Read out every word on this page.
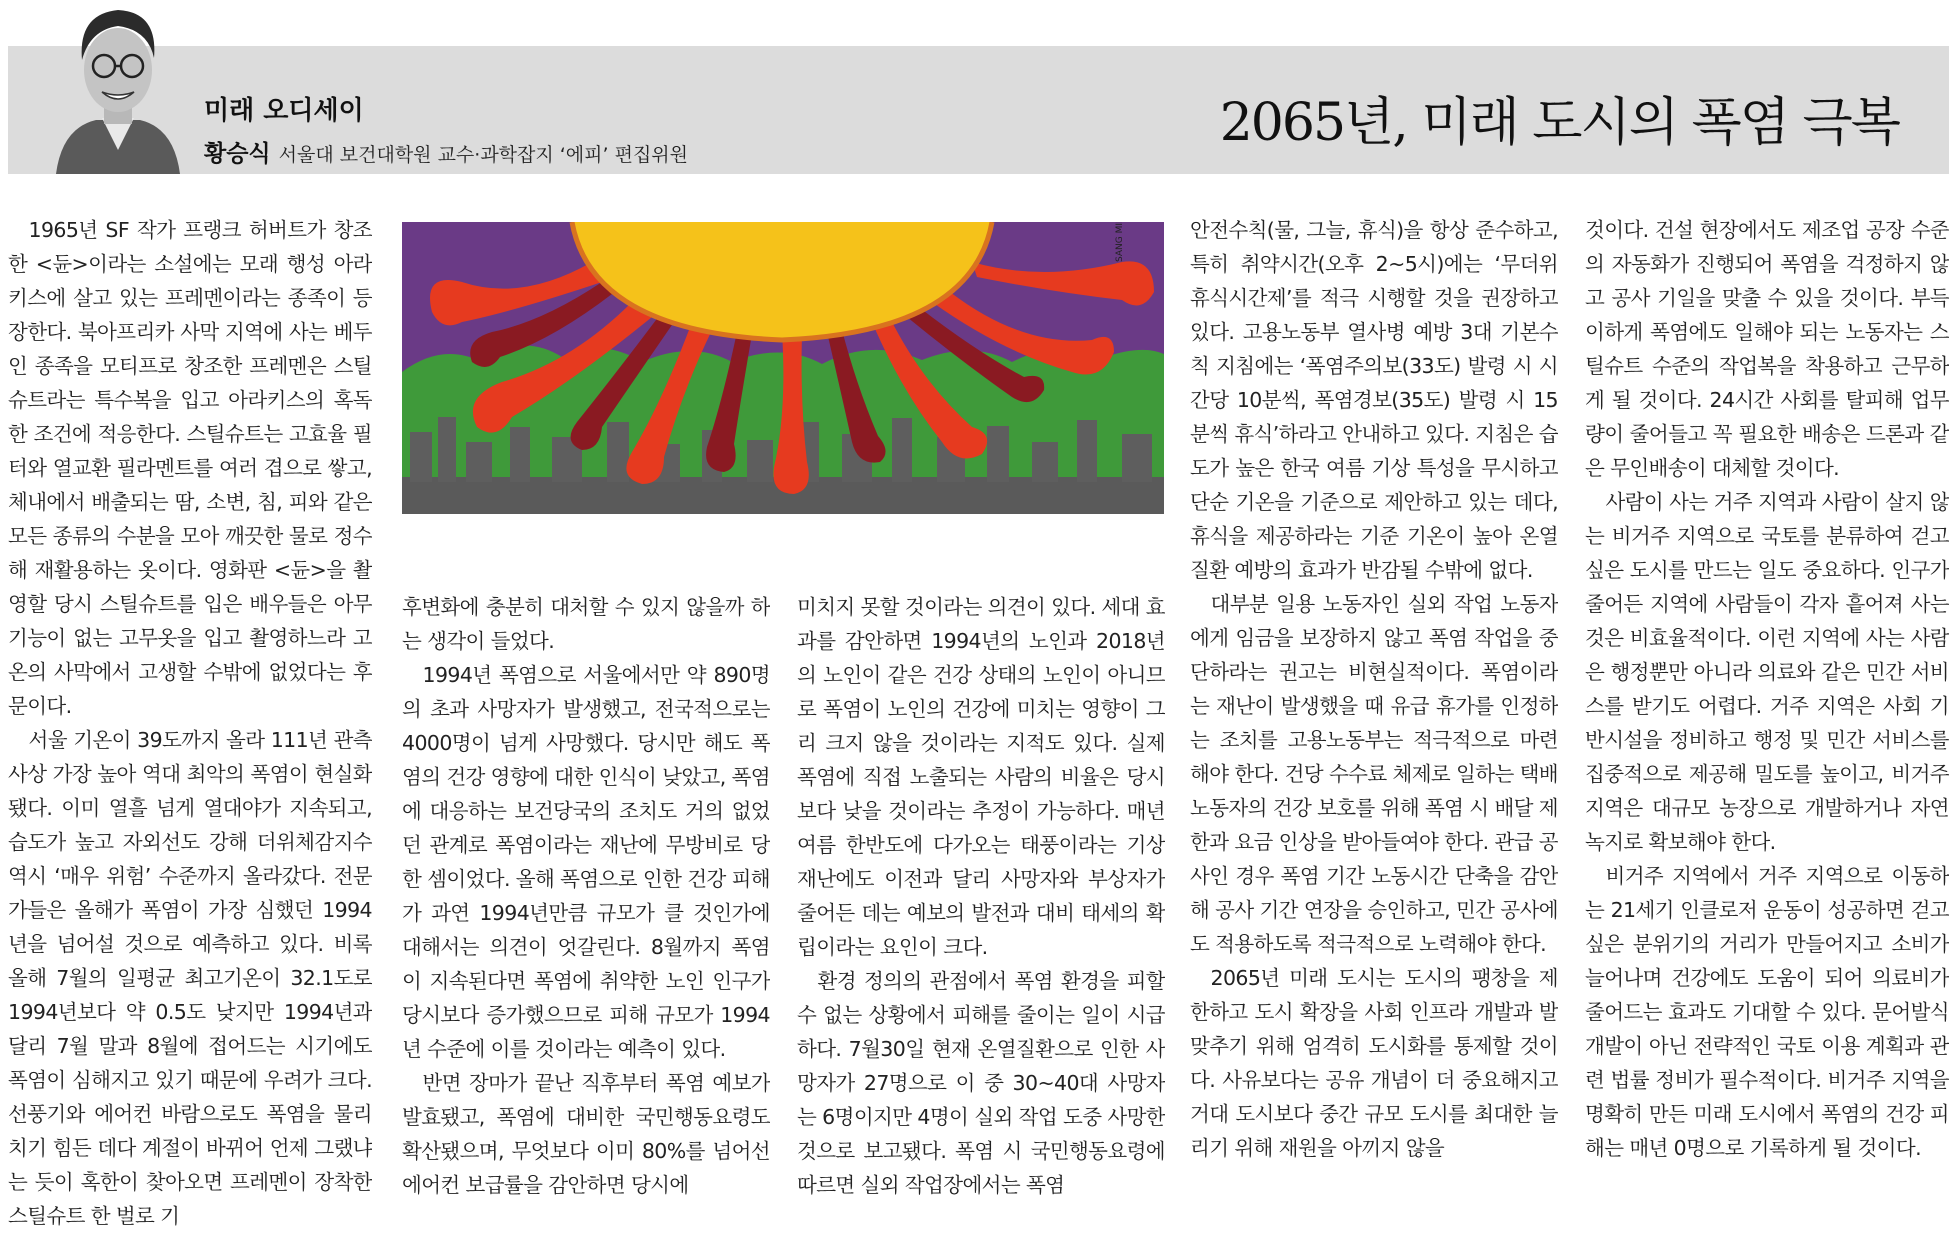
미래 오디세이
황승식 서울대 보건대학원 교수·과학잡지 ‘에피’ 편집위원
2065년, 미래 도시의 폭염 극복

1965년 SF 작가 프랭크 허버트가 창조한 <듄>이라는 소설에는 모래 행성 아라키스에 살고 있는 프레멘이라는 종족이 등장한다. 북아프리카 사막 지역에 사는 베두인 종족을 모티프로 창조한 프레멘은 스틸슈트라는 특수복을 입고 아라키스의 혹독한 조건에 적응한다. 스틸슈트는 고효율 필터와 열교환 필라멘트를 여러 겹으로 쌓고, 체내에서 배출되는 땀, 소변, 침, 피와 같은 모든 종류의 수분을 모아 깨끗한 물로 정수해 재활용하는 옷이다. 영화판 <듄>을 촬영할 당시 스틸슈트를 입은 배우들은 아무 기능이 없는 고무옷을 입고 촬영하느라 고온의 사막에서 고생할 수밖에 없었다는 후문이다.

서울 기온이 39도까지 올라 111년 관측 사상 가장 높아 역대 최악의 폭염이 현실화됐다. 이미 열흘 넘게 열대야가 지속되고, 습도가 높고 자외선도 강해 더위체감지수 역시 ‘매우 위험’ 수준까지 올라갔다. 전문가들은 올해가 폭염이 가장 심했던 1994년을 넘어설 것으로 예측하고 있다. 비록 올해 7월의 일평균 최고기온이 32.1도로 1994년보다 약 0.5도 낮지만 1994년과 달리 7월 말과 8월에 접어드는 시기에도 폭염이 심해지고 있기 때문에 우려가 크다. 선풍기와 에어컨 바람으로도 폭염을 물리치기 힘든 데다 계절이 바뀌어 언제 그랬냐는 듯이 혹한이 찾아오면 프레멘이 장착한 스틸슈트 한 벌로 기

SANG MIN

후변화에 충분히 대처할 수 있지 않을까 하는 생각이 들었다.

1994년 폭염으로 서울에서만 약 890명의 초과 사망자가 발생했고, 전국적으로는 4000명이 넘게 사망했다. 당시만 해도 폭염의 건강 영향에 대한 인식이 낮았고, 폭염에 대응하는 보건당국의 조치도 거의 없었던 관계로 폭염이라는 재난에 무방비로 당한 셈이었다. 올해 폭염으로 인한 건강 피해가 과연 1994년만큼 규모가 클 것인가에 대해서는 의견이 엇갈린다. 8월까지 폭염이 지속된다면 폭염에 취약한 노인 인구가 당시보다 증가했으므로 피해 규모가 1994년 수준에 이를 것이라는 예측이 있다.

반면 장마가 끝난 직후부터 폭염 예보가 발효됐고, 폭염에 대비한 국민행동요령도 확산됐으며, 무엇보다 이미 80%를 넘어선 에어컨 보급률을 감안하면 당시에

미치지 못할 것이라는 의견이 있다. 세대 효과를 감안하면 1994년의 노인과 2018년의 노인이 같은 건강 상태의 노인이 아니므로 폭염이 노인의 건강에 미치는 영향이 그리 크지 않을 것이라는 지적도 있다. 실제 폭염에 직접 노출되는 사람의 비율은 당시보다 낮을 것이라는 추정이 가능하다. 매년 여름 한반도에 다가오는 태풍이라는 기상 재난에도 이전과 달리 사망자와 부상자가 줄어든 데는 예보의 발전과 대비 태세의 확립이라는 요인이 크다.

환경 정의의 관점에서 폭염 환경을 피할 수 없는 상황에서 피해를 줄이는 일이 시급하다. 7월30일 현재 온열질환으로 인한 사망자가 27명으로 이 중 30~40대 사망자는 6명이지만 4명이 실외 작업 도중 사망한 것으로 보고됐다. 폭염 시 국민행동요령에 따르면 실외 작업장에서는 폭염

안전수칙(물, 그늘, 휴식)을 항상 준수하고, 특히 취약시간(오후 2~5시)에는 ‘무더위 휴식시간제’를 적극 시행할 것을 권장하고 있다. 고용노동부 열사병 예방 3대 기본수칙 지침에는 ‘폭염주의보(33도) 발령 시 시간당 10분씩, 폭염경보(35도) 발령 시 15분씩 휴식’하라고 안내하고 있다. 지침은 습도가 높은 한국 여름 기상 특성을 무시하고 단순 기온을 기준으로 제안하고 있는 데다, 휴식을 제공하라는 기준 기온이 높아 온열 질환 예방의 효과가 반감될 수밖에 없다.

대부분 일용 노동자인 실외 작업 노동자에게 임금을 보장하지 않고 폭염 작업을 중단하라는 권고는 비현실적이다. 폭염이라는 재난이 발생했을 때 유급 휴가를 인정하는 조치를 고용노동부는 적극적으로 마련해야 한다. 건당 수수료 체제로 일하는 택배 노동자의 건강 보호를 위해 폭염 시 배달 제한과 요금 인상을 받아들여야 한다. 관급 공사인 경우 폭염 기간 노동시간 단축을 감안해 공사 기간 연장을 승인하고, 민간 공사에도 적용하도록 적극적으로 노력해야 한다.

2065년 미래 도시는 도시의 팽창을 제한하고 도시 확장을 사회 인프라 개발과 발맞추기 위해 엄격히 도시화를 통제할 것이다. 사유보다는 공유 개념이 더 중요해지고 거대 도시보다 중간 규모 도시를 최대한 늘리기 위해 재원을 아끼지 않을

것이다. 건설 현장에서도 제조업 공장 수준의 자동화가 진행되어 폭염을 걱정하지 않고 공사 기일을 맞출 수 있을 것이다. 부득이하게 폭염에도 일해야 되는 노동자는 스틸슈트 수준의 작업복을 착용하고 근무하게 될 것이다. 24시간 사회를 탈피해 업무량이 줄어들고 꼭 필요한 배송은 드론과 같은 무인배송이 대체할 것이다.

사람이 사는 거주 지역과 사람이 살지 않는 비거주 지역으로 국토를 분류하여 걷고 싶은 도시를 만드는 일도 중요하다. 인구가 줄어든 지역에 사람들이 각자 흩어져 사는 것은 비효율적이다. 이런 지역에 사는 사람은 행정뿐만 아니라 의료와 같은 민간 서비스를 받기도 어렵다. 거주 지역은 사회 기반시설을 정비하고 행정 및 민간 서비스를 집중적으로 제공해 밀도를 높이고, 비거주 지역은 대규모 농장으로 개발하거나 자연 녹지로 확보해야 한다.

비거주 지역에서 거주 지역으로 이동하는 21세기 인클로저 운동이 성공하면 걷고 싶은 분위기의 거리가 만들어지고 소비가 늘어나며 건강에도 도움이 되어 의료비가 줄어드는 효과도 기대할 수 있다. 문어발식 개발이 아닌 전략적인 국토 이용 계획과 관련 법률 정비가 필수적이다. 비거주 지역을 명확히 만든 미래 도시에서 폭염의 건강 피해는 매년 0명으로 기록하게 될 것이다.
